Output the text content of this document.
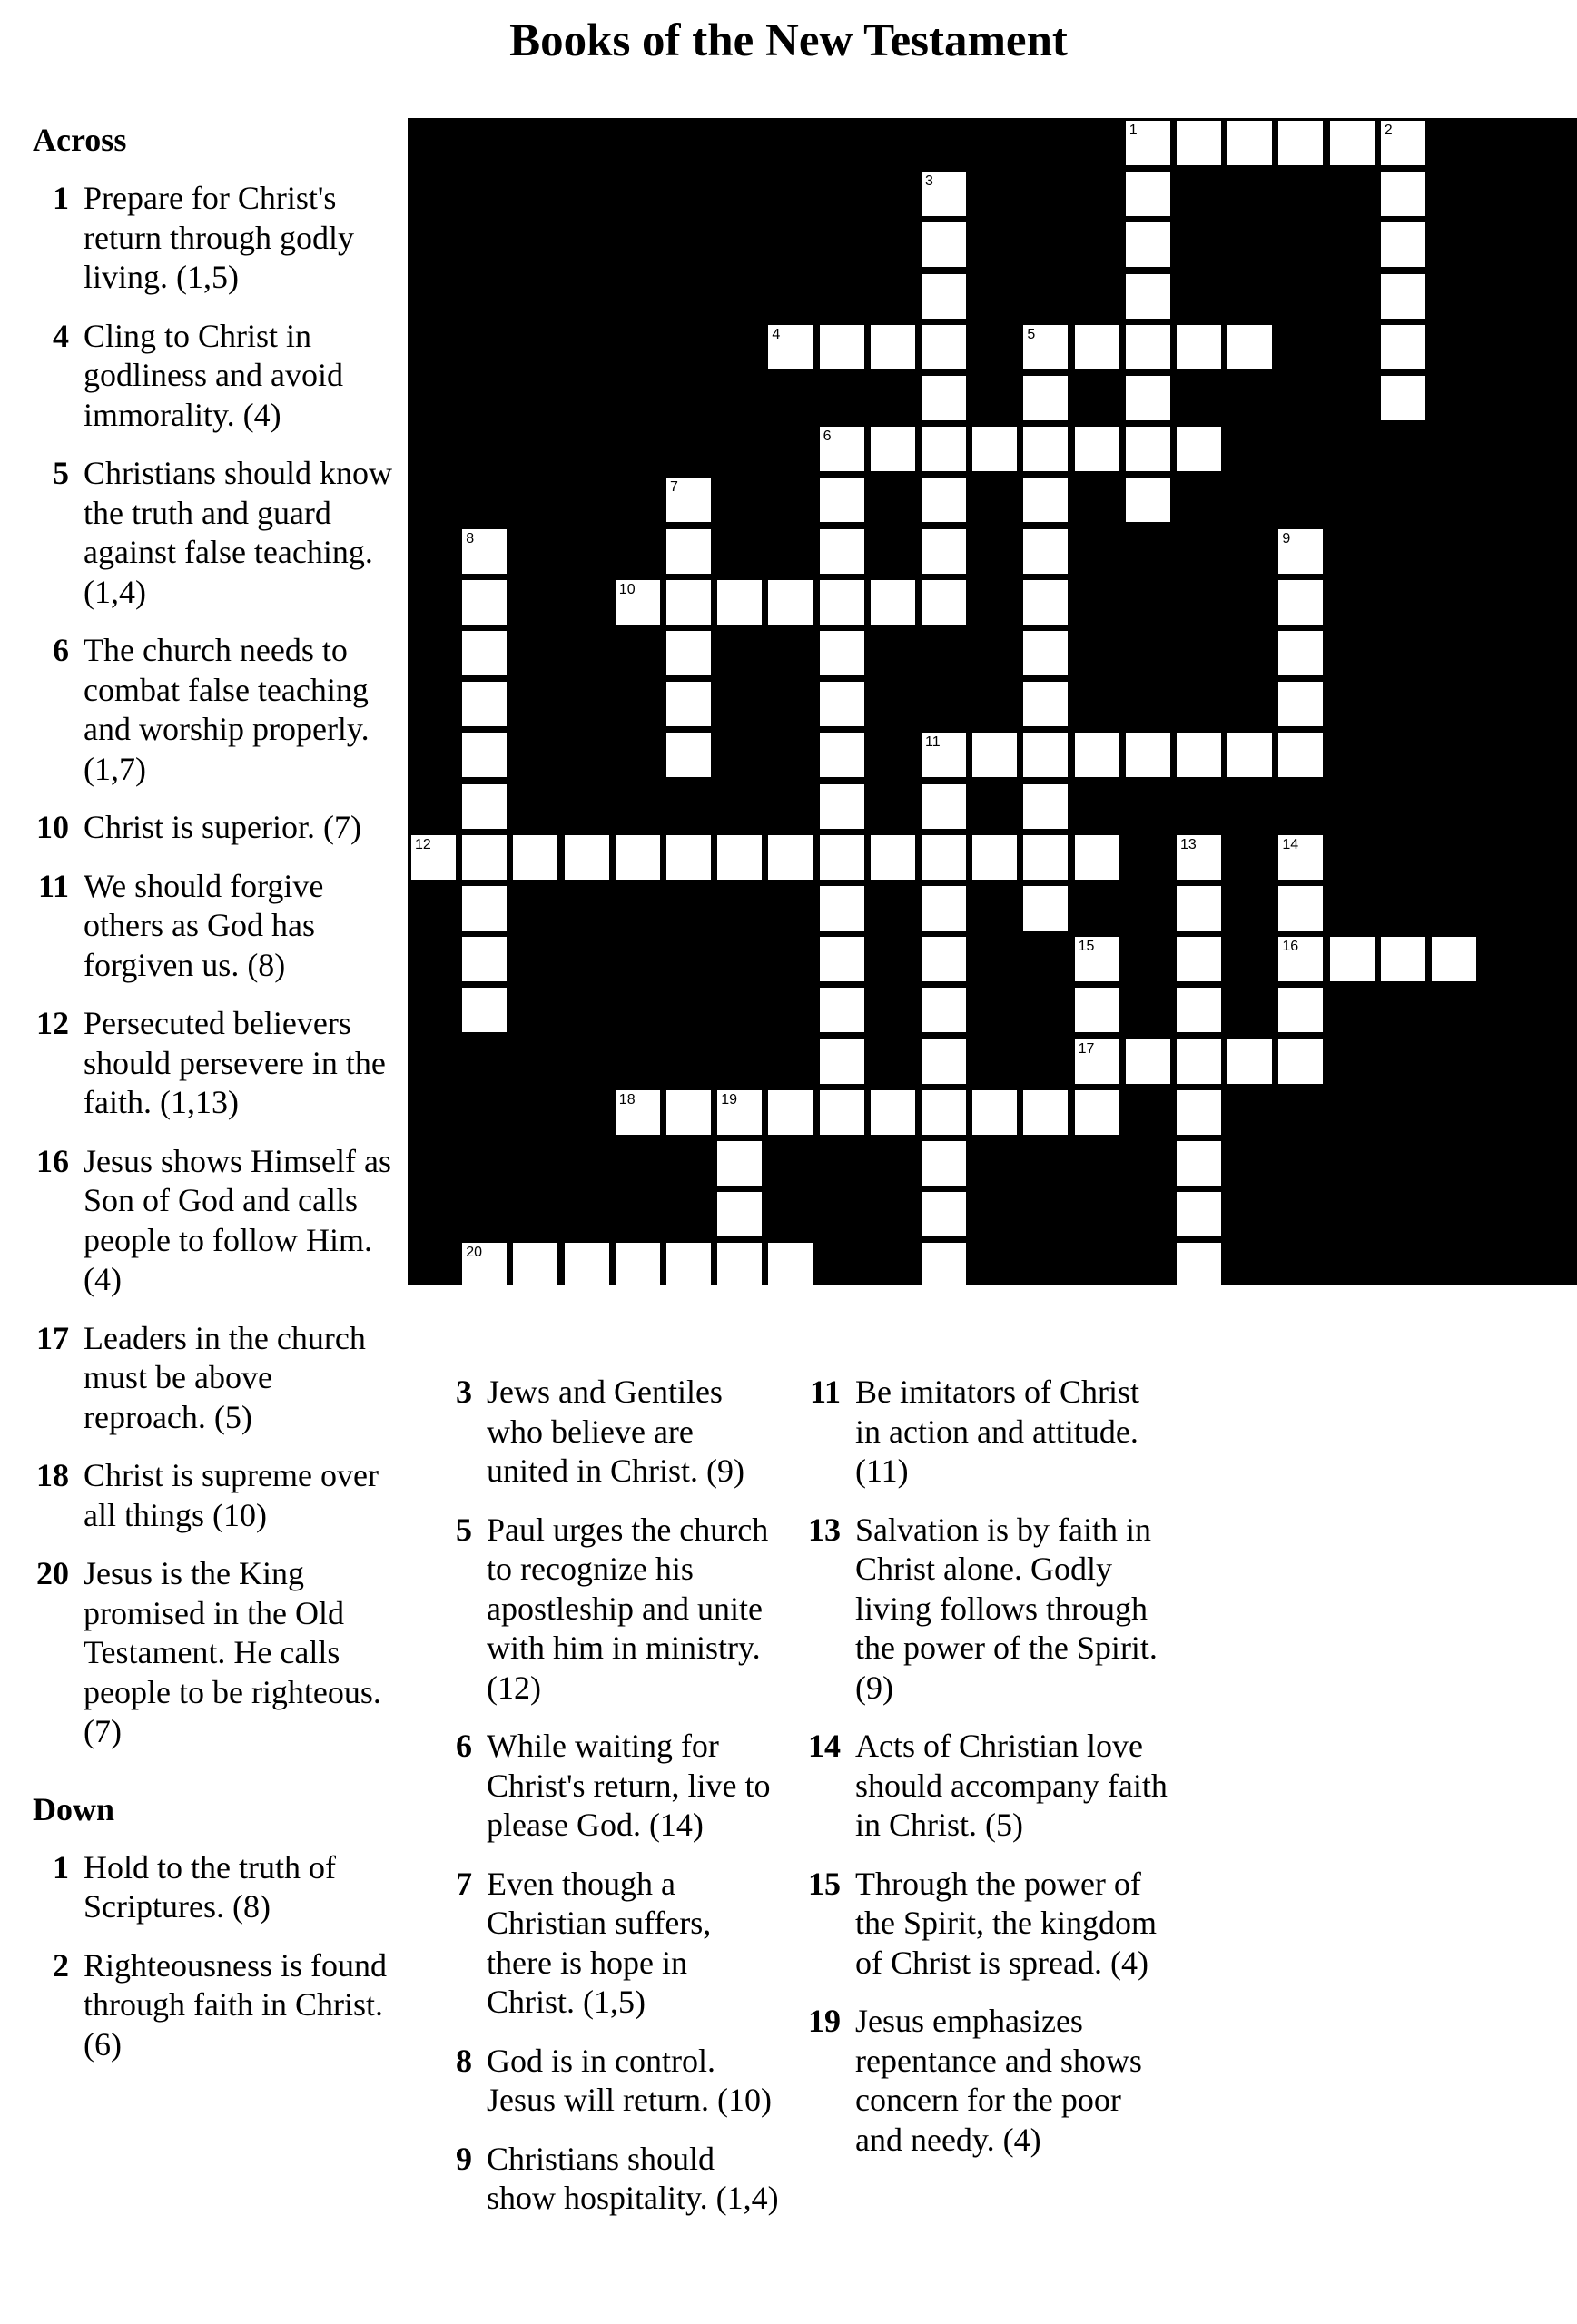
Books of the New Testament
Across
1 Prepare for Christ's return through godly living. (1,5)
4 Cling to Christ in godliness and avoid immorality. (4)
5 Christians should know the truth and guard against false teaching. (1,4)
6 The church needs to combat false teaching and worship properly. (1,7)
10 Christ is superior. (7)
11 We should forgive others as God has forgiven us. (8)
12 Persecuted believers should persevere in the faith. (1,13)
16 Jesus shows Himself as Son of God and calls people to follow Him. (4)
17 Leaders in the church must be above reproach. (5)
18 Christ is supreme over all things (10)
20 Jesus is the King promised in the Old Testament. He calls people to be righteous. (7)
Down
1 Hold to the truth of Scriptures. (8)
2 Righteousness is found through faith in Christ. (6)
3 Jews and Gentiles who believe are united in Christ. (9)
5 Paul urges the church to recognize his apostleship and unite with him in ministry. (12)
6 While waiting for Christ's return, live to please God. (14)
7 Even though a Christian suffers, there is hope in Christ. (1,5)
8 God is in control. Jesus will return. (10)
9 Christians should show hospitality. (1,4)
11 Be imitators of Christ in action and attitude. (11)
13 Salvation is by faith in Christ alone. Godly living follows through the power of the Spirit. (9)
14 Acts of Christian love should accompany faith in Christ. (5)
15 Through the power of the Spirit, the kingdom of Christ is spread. (4)
19 Jesus emphasizes repentance and shows concern for the poor and needy. (4)
1	2
3
4	5
6
7
8	9
10
11
12	13	14
15	16
17
18	19
20
